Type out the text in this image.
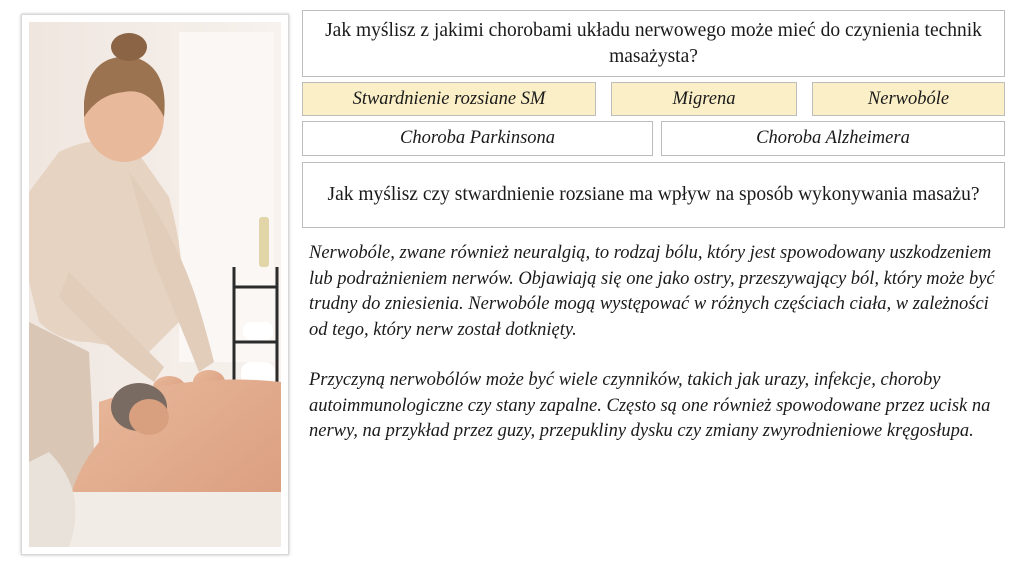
Jak myślisz z jakimi chorobami układu nerwowego może mieć do czynienia technik masażysta?
Stwardnienie rozsiane SM	Migrena	Nerwobóle
Choroba Parkinsona	Choroba Alzheimera
Jak myślisz czy stwardnienie rozsiane ma wpływ na sposób wykonywania masażu?

Nerwobóle, zwane również neuralgią, to rodzaj bólu, który jest spowodowany uszkodzeniem lub podrażnieniem nerwów. Objawiają się one jako ostry, przeszywający ból, który może być trudny do zniesienia. Nerwobóle mogą występować w różnych częściach ciała, w zależności od tego, który nerw został dotknięty.

Przyczyną nerwobólów może być wiele czynników, takich jak urazy, infekcje, choroby autoimmunologiczne czy stany zapalne. Często są one również spowodowane przez ucisk na nerwy, na przykład przez guzy, przepukliny dysku czy zmiany zwyrodnieniowe kręgosłupa.
